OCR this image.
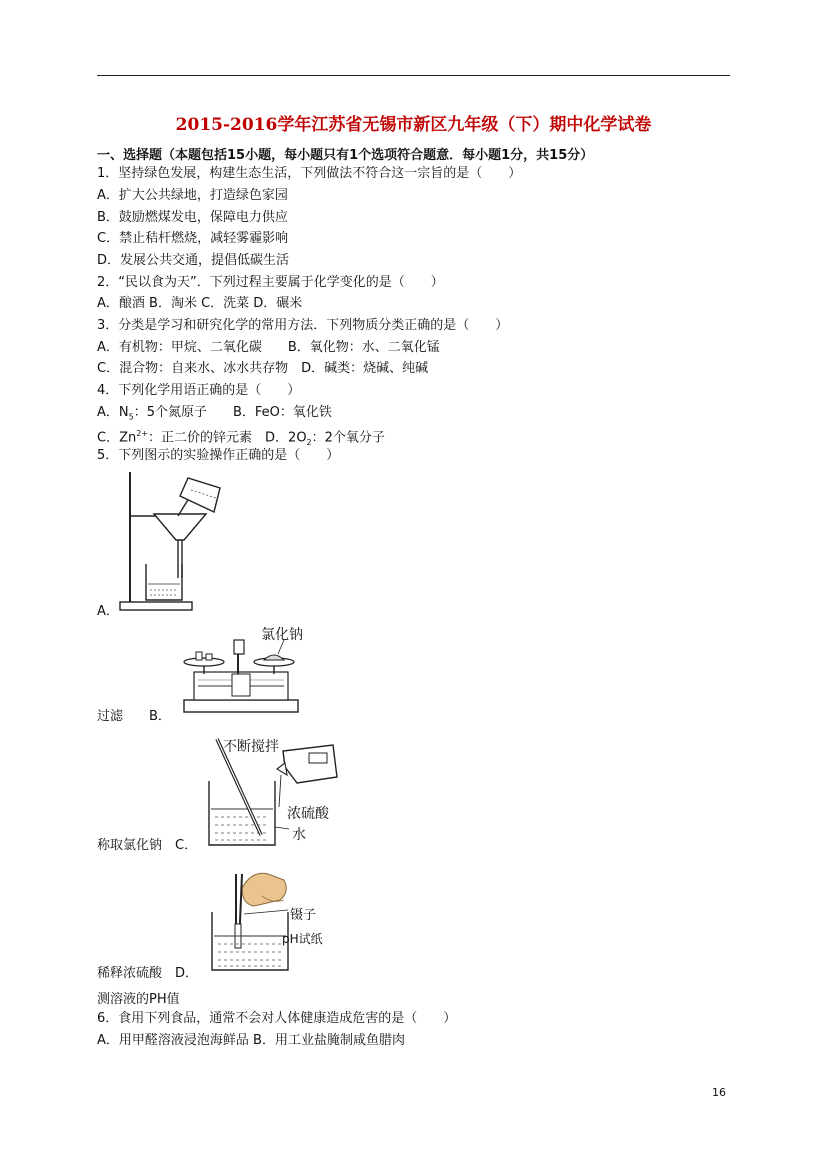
2015-2016学年江苏省无锡市新区九年级（下）期中化学试卷
一、选择题（本题包括15小题，每小题只有1个选项符合题意．每小题1分，共15分）
1．坚持绿色发展，构建生态生活，下列做法不符合这一宗旨的是（　　）
A．扩大公共绿地，打造绿色家园
B．鼓励燃煤发电，保障电力供应
C．禁止秸杆燃烧，减轻雾霾影响
D．发展公共交通，提倡低碳生活
2．“民以食为天”．下列过程主要属于化学变化的是（　　）
A．酿酒 B．淘米 C．洗菜 D．碾米
3．分类是学习和研究化学的常用方法．下列物质分类正确的是（　　）
A．有机物：甲烷、二氧化碳　　B．氧化物：水、二氧化锰
C．混合物：自来水、冰水共存物　D．碱类：烧碱、纯碱
4．下列化学用语正确的是（　　）
A．$N_5$：5个氮原子　　B．FeO：氧化铁
C．$Zn^{2+}$：正二价的锌元素　D．$2O_2$：2个氧分子
5．下列图示的实验操作正确的是（　　）
A．
氯化钠
过滤　　B．
不断搅拌
浓硫酸
水
称取氯化钠　C．
镊子
pH试纸
稀释浓硫酸　D．
测溶液的PH值
6．食用下列食品，通常不会对人体健康造成危害的是（　　）
A．用甲醛溶液浸泡海鲜品 B．用工业盐腌制咸鱼腊肉
16
